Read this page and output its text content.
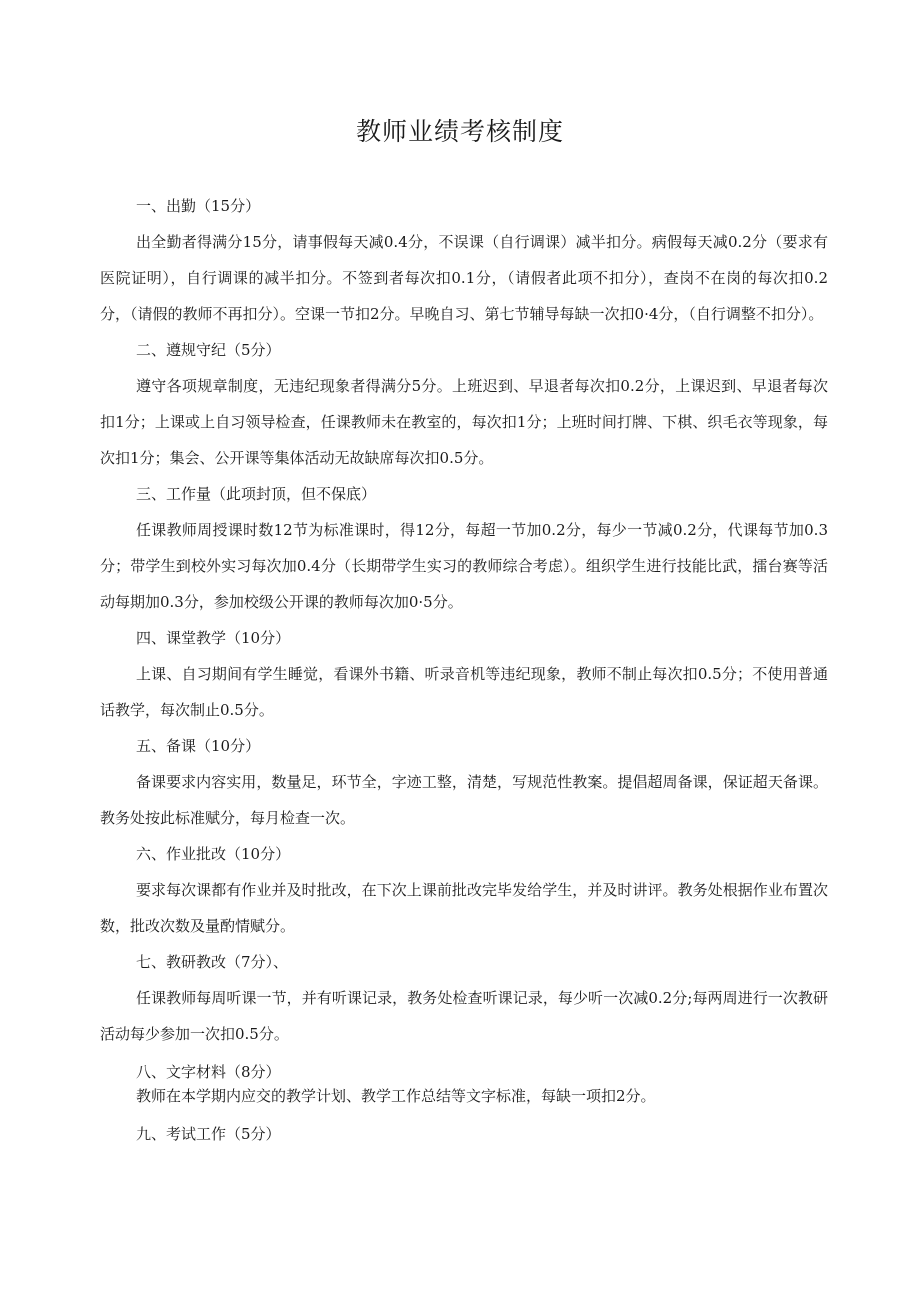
教师业绩考核制度

一、出勤（15分）

出全勤者得满分15分，请事假每天减0.4分，不误课（自行调课）减半扣分。病假每天减0.2分（要求有医院证明），自行调课的减半扣分。不签到者每次扣0.1分，（请假者此项不扣分），查岗不在岗的每次扣0.2分，（请假的教师不再扣分）。空课一节扣2分。早晚自习、第七节辅导每缺一次扣0·4分，（自行调整不扣分）。

二、遵规守纪（5分）

遵守各项规章制度，无违纪现象者得满分5分。上班迟到、早退者每次扣0.2分，上课迟到、早退者每次扣1分；上课或上自习领导检查，任课教师未在教室的，每次扣1分；上班时间打牌、下棋、织毛衣等现象，每次扣1分；集会、公开课等集体活动无故缺席每次扣0.5分。

三、工作量（此项封顶，但不保底）

任课教师周授课时数12节为标准课时，得12分，每超一节加0.2分，每少一节减0.2分，代课每节加0.3分；带学生到校外实习每次加0.4分（长期带学生实习的教师综合考虑）。组织学生进行技能比武，擂台赛等活动每期加0.3分，参加校级公开课的教师每次加0·5分。

四、课堂教学（10分）

上课、自习期间有学生睡觉，看课外书籍、听录音机等违纪现象，教师不制止每次扣0.5分；不使用普通话教学，每次制止0.5分。

五、备课（10分）

备课要求内容实用，数量足，环节全，字迹工整，清楚，写规范性教案。提倡超周备课，保证超天备课。教务处按此标准赋分，每月检查一次。

六、作业批改（10分）

要求每次课都有作业并及时批改，在下次上课前批改完毕发给学生，并及时讲评。教务处根据作业布置次数，批改次数及量酌情赋分。

七、教研教改（7分）、

任课教师每周听课一节，并有听课记录，教务处检查听课记录，每少听一次减0.2分;每两周进行一次教研活动每少参加一次扣0.5分。

八、文字材料（8分）

教师在本学期内应交的教学计划、教学工作总结等文字标准，每缺一项扣2分。

九、考试工作（5分）
